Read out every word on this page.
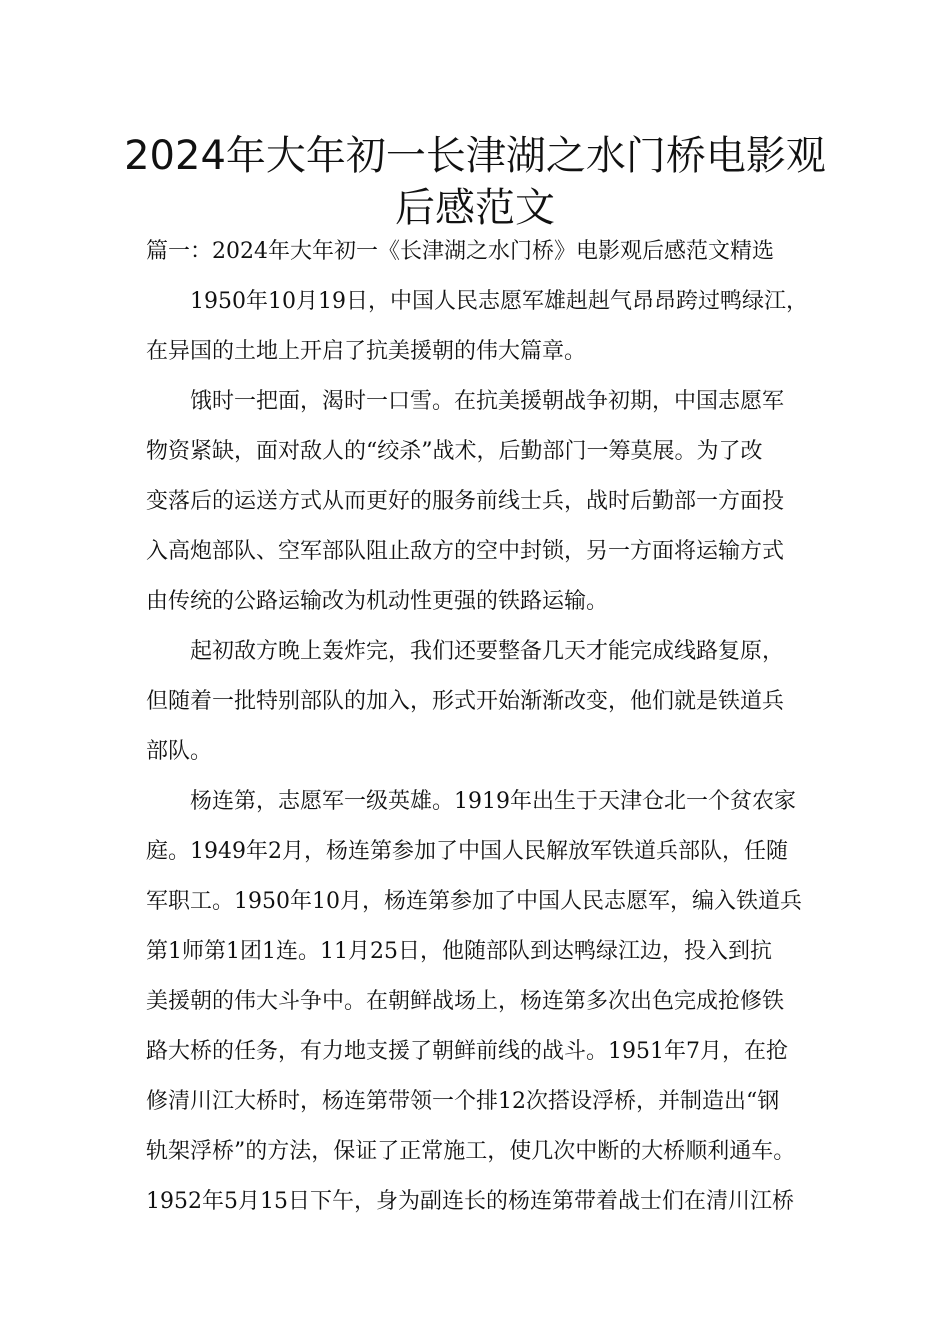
2024年大年初一长津湖之水门桥电影观
后感范文
篇一：2024年大年初一《长津湖之水门桥》电影观后感范文精选
1950年10月19日，中国人民志愿军雄赳赳气昂昂跨过鸭绿江，
在异国的土地上开启了抗美援朝的伟大篇章。
饿时一把面，渴时一口雪。在抗美援朝战争初期，中国志愿军
物资紧缺，面对敌人的“绞杀”战术，后勤部门一筹莫展。为了改
变落后的运送方式从而更好的服务前线士兵，战时后勤部一方面投
入高炮部队、空军部队阻止敌方的空中封锁，另一方面将运输方式
由传统的公路运输改为机动性更强的铁路运输。
起初敌方晚上轰炸完，我们还要整备几天才能完成线路复原，
但随着一批特别部队的加入，形式开始渐渐改变，他们就是铁道兵
部队。
杨连第，志愿军一级英雄。1919年出生于天津仓北一个贫农家
庭。1949年2月，杨连第参加了中国人民解放军铁道兵部队，任随
军职工。1950年10月，杨连第参加了中国人民志愿军，编入铁道兵
第1师第1团1连。11月25日，他随部队到达鸭绿江边，投入到抗
美援朝的伟大斗争中。在朝鲜战场上，杨连第多次出色完成抢修铁
路大桥的任务，有力地支援了朝鲜前线的战斗。1951年7月，在抢
修清川江大桥时，杨连第带领一个排12次搭设浮桥，并制造出“钢
轨架浮桥”的方法，保证了正常施工，使几次中断的大桥顺利通车。
1952年5月15日下午，身为副连长的杨连第带着战士们在清川江桥
